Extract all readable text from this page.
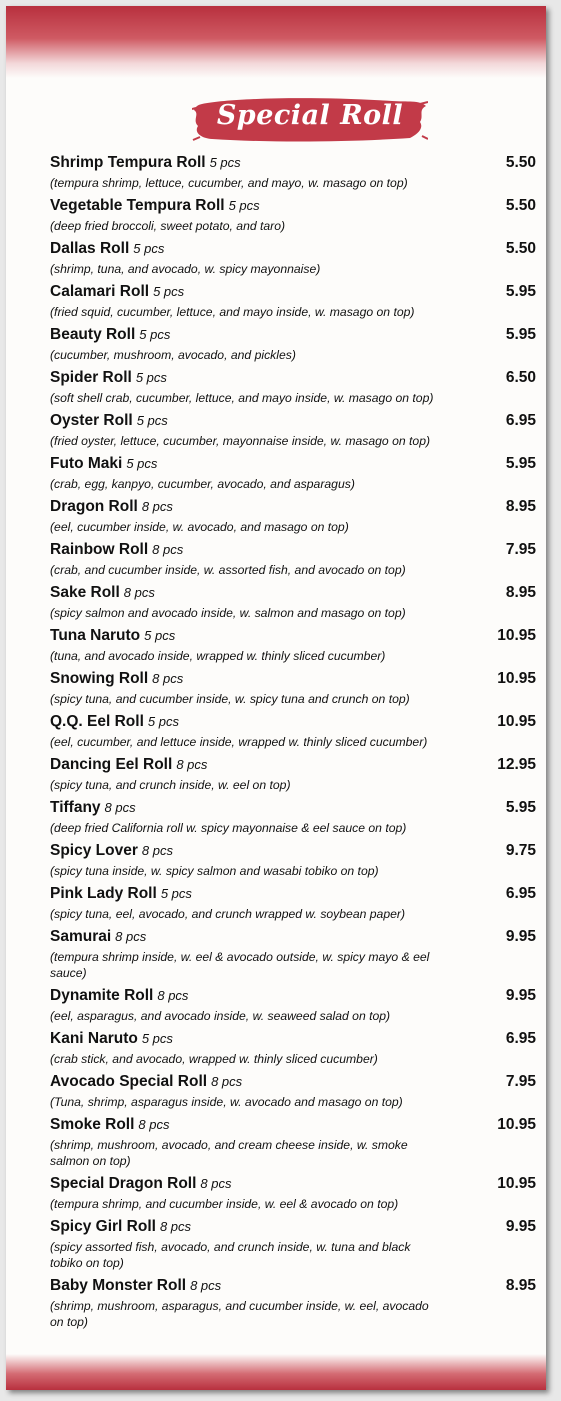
Special Roll
Shrimp Tempura Roll 5 pcs	5.50
(tempura shrimp, lettuce, cucumber, and mayo, w. masago on top)
Vegetable Tempura Roll 5 pcs	5.50
(deep fried broccoli, sweet potato, and taro)
Dallas Roll 5 pcs	5.50
(shrimp, tuna, and avocado, w. spicy mayonnaise)
Calamari Roll 5 pcs	5.95
(fried squid, cucumber, lettuce, and mayo inside, w. masago on top)
Beauty Roll 5 pcs	5.95
(cucumber, mushroom, avocado, and pickles)
Spider Roll 5 pcs	6.50
(soft shell crab, cucumber, lettuce, and mayo inside, w. masago on top)
Oyster Roll 5 pcs	6.95
(fried oyster, lettuce, cucumber, mayonnaise inside, w. masago on top)
Futo Maki 5 pcs	5.95
(crab, egg, kanpyo, cucumber, avocado, and asparagus)
Dragon Roll 8 pcs	8.95
(eel, cucumber inside, w. avocado, and masago on top)
Rainbow Roll 8 pcs	7.95
(crab, and cucumber inside, w. assorted fish, and avocado on top)
Sake Roll 8 pcs	8.95
(spicy salmon and avocado inside, w. salmon and masago on top)
Tuna Naruto 5 pcs	10.95
(tuna, and avocado inside, wrapped w. thinly sliced cucumber)
Snowing Roll 8 pcs	10.95
(spicy tuna, and cucumber inside, w. spicy tuna and crunch on top)
Q.Q. Eel Roll 5 pcs	10.95
(eel, cucumber, and lettuce inside, wrapped w. thinly sliced cucumber)
Dancing Eel Roll 8 pcs	12.95
(spicy tuna, and crunch inside, w. eel on top)
Tiffany 8 pcs	5.95
(deep fried California roll w. spicy mayonnaise & eel sauce on top)
Spicy Lover 8 pcs	9.75
(spicy tuna inside, w. spicy salmon and wasabi tobiko on top)
Pink Lady Roll 5 pcs	6.95
(spicy tuna, eel, avocado, and crunch wrapped w. soybean paper)
Samurai 8 pcs	9.95
(tempura shrimp inside, w. eel & avocado outside, w. spicy mayo & eel
sauce)
Dynamite Roll 8 pcs	9.95
(eel, asparagus, and avocado inside, w. seaweed salad on top)
Kani Naruto 5 pcs	6.95
(crab stick, and avocado, wrapped w. thinly sliced cucumber)
Avocado Special Roll 8 pcs	7.95
(Tuna, shrimp, asparagus inside, w. avocado and masago on top)
Smoke Roll 8 pcs	10.95
(shrimp, mushroom, avocado, and cream cheese inside, w. smoke
salmon on top)
Special Dragon Roll 8 pcs	10.95
(tempura shrimp, and cucumber inside, w. eel & avocado on top)
Spicy Girl Roll 8 pcs	9.95
(spicy assorted fish, avocado, and crunch inside, w. tuna and black
tobiko on top)
Baby Monster Roll 8 pcs	8.95
(shrimp, mushroom, asparagus, and cucumber inside, w. eel, avocado
on top)
